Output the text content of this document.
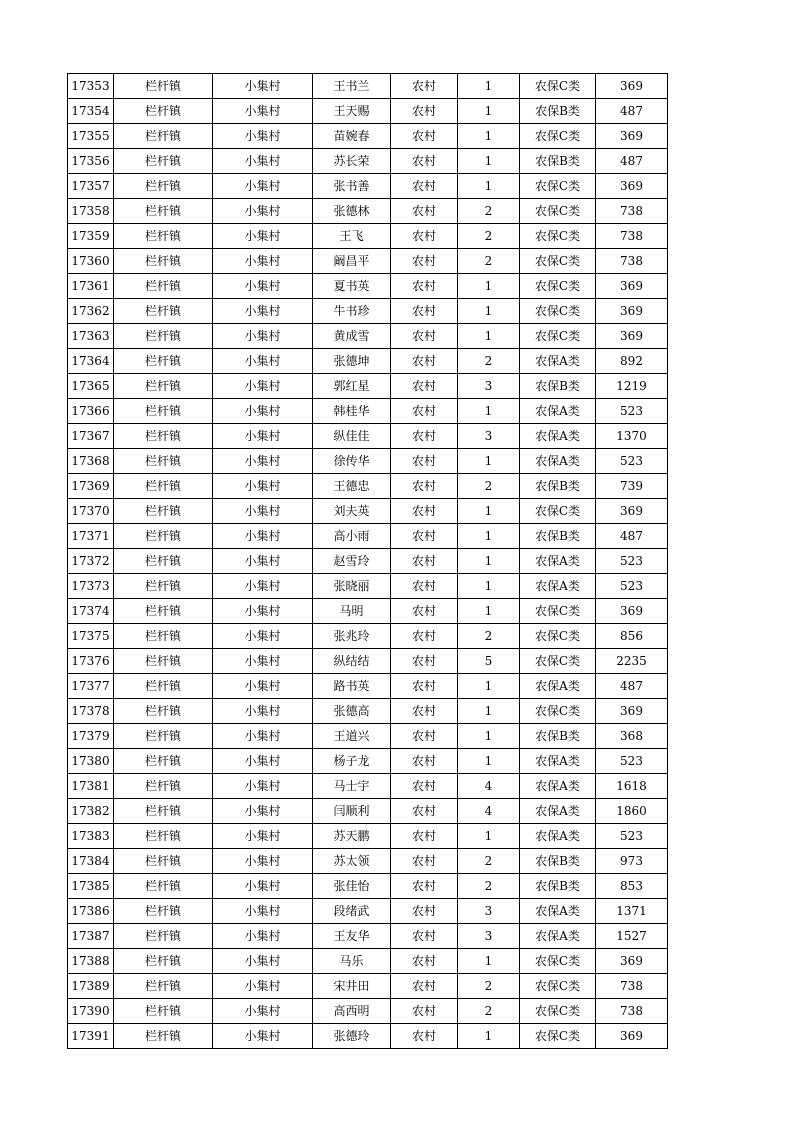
17353	栏杆镇	小集村	王书兰	农村	1	农保C类	369
17354	栏杆镇	小集村	王天赐	农村	1	农保B类	487
17355	栏杆镇	小集村	苗婉春	农村	1	农保C类	369
17356	栏杆镇	小集村	苏长荣	农村	1	农保B类	487
17357	栏杆镇	小集村	张书善	农村	1	农保C类	369
17358	栏杆镇	小集村	张德林	农村	2	农保C类	738
17359	栏杆镇	小集村	王飞	农村	2	农保C类	738
17360	栏杆镇	小集村	阚昌平	农村	2	农保C类	738
17361	栏杆镇	小集村	夏书英	农村	1	农保C类	369
17362	栏杆镇	小集村	牛书珍	农村	1	农保C类	369
17363	栏杆镇	小集村	黄成雪	农村	1	农保C类	369
17364	栏杆镇	小集村	张德坤	农村	2	农保A类	892
17365	栏杆镇	小集村	郭红星	农村	3	农保B类	1219
17366	栏杆镇	小集村	韩桂华	农村	1	农保A类	523
17367	栏杆镇	小集村	纵佳佳	农村	3	农保A类	1370
17368	栏杆镇	小集村	徐传华	农村	1	农保A类	523
17369	栏杆镇	小集村	王德忠	农村	2	农保B类	739
17370	栏杆镇	小集村	刘夫英	农村	1	农保C类	369
17371	栏杆镇	小集村	高小雨	农村	1	农保B类	487
17372	栏杆镇	小集村	赵雪玲	农村	1	农保A类	523
17373	栏杆镇	小集村	张晓丽	农村	1	农保A类	523
17374	栏杆镇	小集村	马明	农村	1	农保C类	369
17375	栏杆镇	小集村	张兆玲	农村	2	农保C类	856
17376	栏杆镇	小集村	纵结结	农村	5	农保C类	2235
17377	栏杆镇	小集村	路书英	农村	1	农保A类	487
17378	栏杆镇	小集村	张德高	农村	1	农保C类	369
17379	栏杆镇	小集村	王道兴	农村	1	农保B类	368
17380	栏杆镇	小集村	杨子龙	农村	1	农保A类	523
17381	栏杆镇	小集村	马士宇	农村	4	农保A类	1618
17382	栏杆镇	小集村	闫顺利	农村	4	农保A类	1860
17383	栏杆镇	小集村	苏天鹏	农村	1	农保A类	523
17384	栏杆镇	小集村	苏太领	农村	2	农保B类	973
17385	栏杆镇	小集村	张佳怡	农村	2	农保B类	853
17386	栏杆镇	小集村	段绪武	农村	3	农保A类	1371
17387	栏杆镇	小集村	王友华	农村	3	农保A类	1527
17388	栏杆镇	小集村	马乐	农村	1	农保C类	369
17389	栏杆镇	小集村	宋井田	农村	2	农保C类	738
17390	栏杆镇	小集村	高西明	农村	2	农保C类	738
17391	栏杆镇	小集村	张德玲	农村	1	农保C类	369
